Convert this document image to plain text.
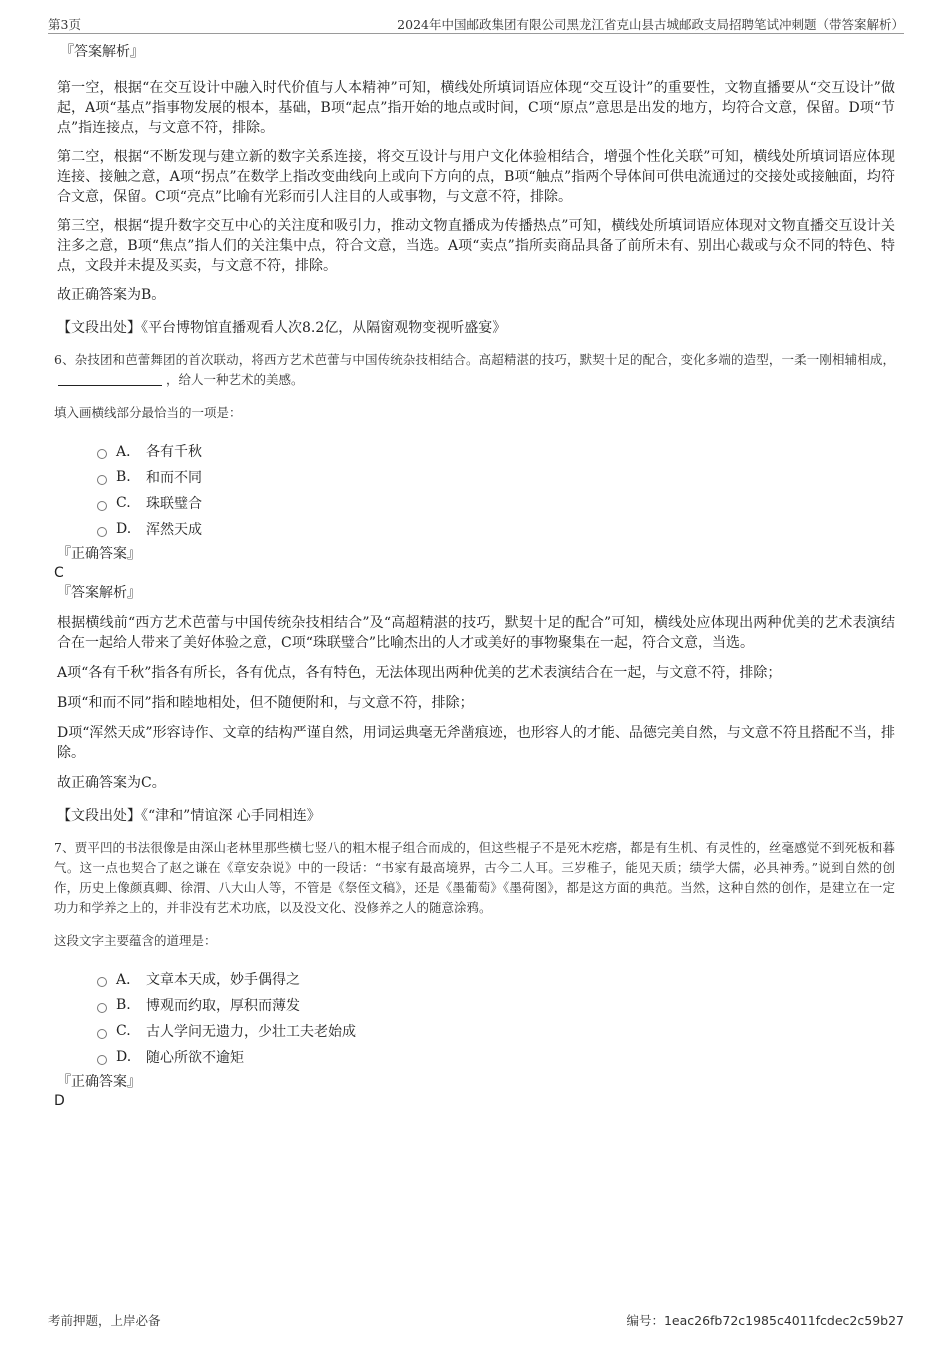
第3页	2024年中国邮政集团有限公司黑龙江省克山县古城邮政支局招聘笔试冲刺题（带答案解析）
『答案解析』

第一空，根据“在交互设计中融入时代价值与人本精神”可知，横线处所填词语应体现“交互设计”的重要性，文物直播要从“交互设计”做起，A项“基点”指事物发展的根本，基础，B项“起点”指开始的地点或时间，C项“原点”意思是出发的地方，均符合文意，保留。D项“节点”指连接点，与文意不符，排除。

第二空，根据“不断发现与建立新的数字关系连接，将交互设计与用户文化体验相结合，增强个性化关联”可知，横线处所填词语应体现连接、接触之意，A项“拐点”在数学上指改变曲线向上或向下方向的点，B项“触点”指两个导体间可供电流通过的交接处或接触面，均符合文意，保留。C项“亮点”比喻有光彩而引人注目的人或事物，与文意不符，排除。

第三空，根据“提升数字交互中心的关注度和吸引力，推动文物直播成为传播热点”可知，横线处所填词语应体现对文物直播交互设计关注多之意，B项“焦点”指人们的关注集中点，符合文意，当选。A项“卖点”指所卖商品具备了前所未有、别出心裁或与众不同的特色、特点，文段并未提及买卖，与文意不符，排除。

故正确答案为B。

【文段出处】《平台博物馆直播观看人次8.2亿，从隔窗观物变视听盛宴》
6、杂技团和芭蕾舞团的首次联动，将西方艺术芭蕾与中国传统杂技相结合。高超精湛的技巧，默契十足的配合，变化多端的造型，一柔一刚相辅相成，，给人一种艺术的美感。
填入画横线部分最恰当的一项是：
A． 各有千秋
B.	和而不同
C.	珠联璧合
D.	浑然天成
『正确答案』
C
『答案解析』

根据横线前“西方艺术芭蕾与中国传统杂技相结合”及“高超精湛的技巧，默契十足的配合”可知，横线处应体现出两种优美的艺术表演结合在一起给人带来了美好体验之意，C项“珠联璧合”比喻杰出的人才或美好的事物聚集在一起，符合文意，当选。

A项“各有千秋”指各有所长，各有优点，各有特色，无法体现出两种优美的艺术表演结合在一起，与文意不符，排除；

B项“和而不同”指和睦地相处，但不随便附和，与文意不符，排除；

D项“浑然天成”形容诗作、文章的结构严谨自然，用词运典毫无斧凿痕迹，也形容人的才能、品德完美自然，与文意不符且搭配不当，排除。

故正确答案为C。

【文段出处】《“津和”情谊深 心手同相连》
7、贾平凹的书法很像是由深山老林里那些横七竖八的粗木棍子组合而成的，但这些棍子不是死木疙瘩，都是有生机、有灵性的，丝毫感觉不到死板和暮气。这一点也契合了赵之谦在《章安杂说》中的一段话：“书家有最高境界，古今二人耳。三岁稚子，能见天质；绩学大儒，必具神秀。”说到自然的创作，历史上像颜真卿、徐渭、八大山人等，不管是《祭侄文稿》，还是《墨葡萄》《墨荷图》，都是这方面的典范。当然，这种自然的创作，是建立在一定功力和学养之上的，并非没有艺术功底，以及没文化、没修养之人的随意涂鸦。
这段文字主要蕴含的道理是：
A． 文章本天成，妙手偶得之
B.	博观而约取，厚积而薄发
C.	古人学问无遗力，少壮工夫老始成
D.	随心所欲不逾矩
『正确答案』
D
考前押题，上岸必备	编号：1eac26fb72c1985c4011fcdec2c59b27
